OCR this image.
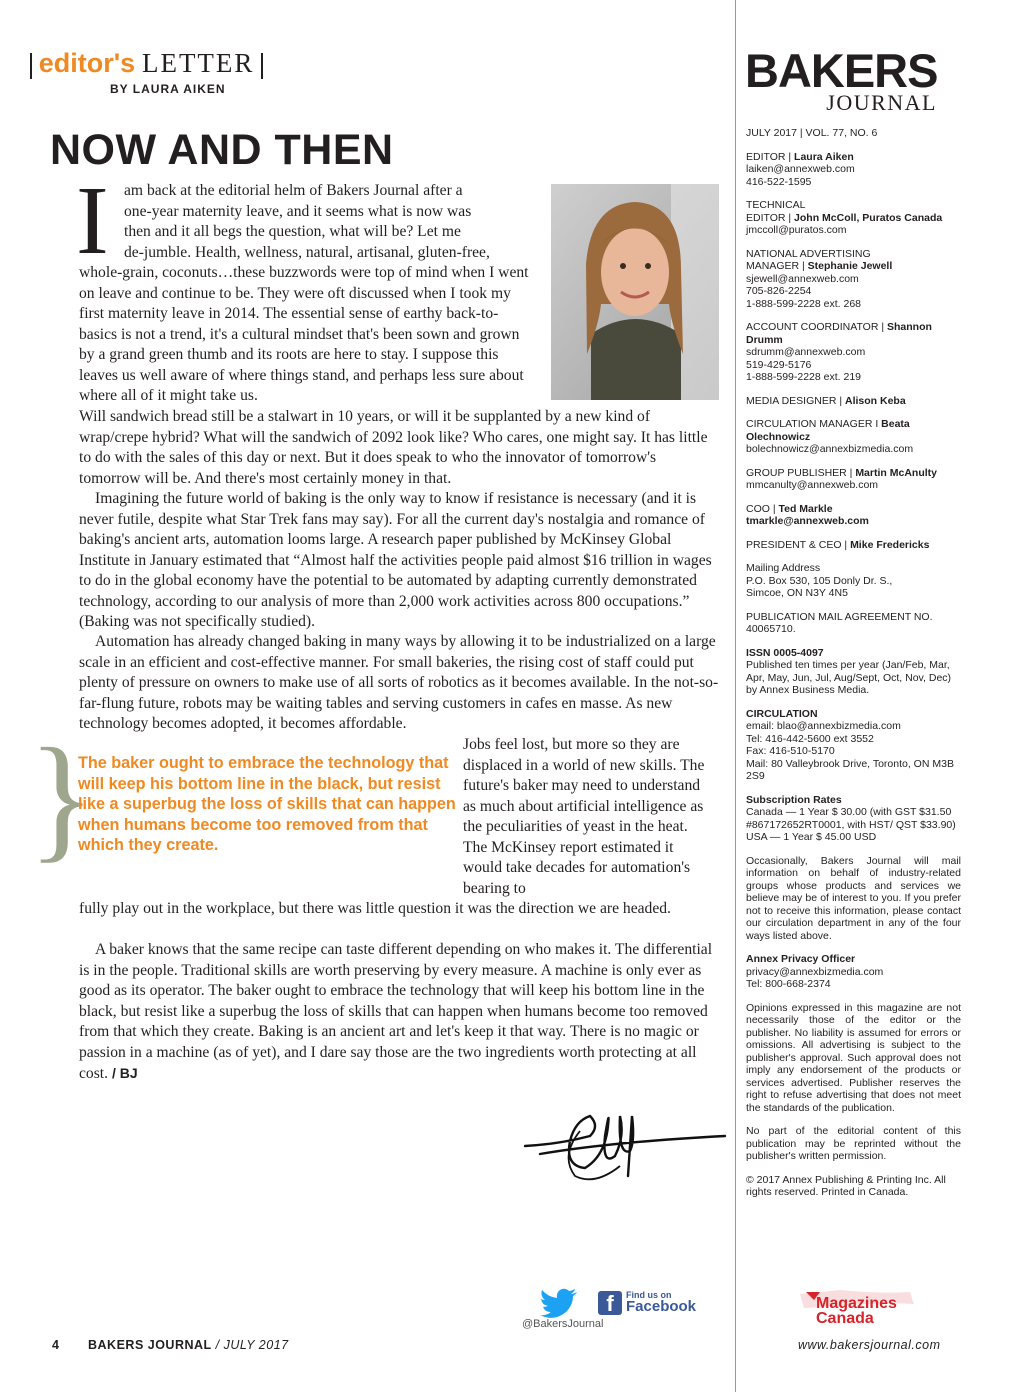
editor's LETTER
BY LAURA AIKEN
NOW AND THEN
I am back at the editorial helm of Bakers Journal after a
one-year maternity leave, and it seems what is now was
then and it all begs the question, what will be? Let me
de-jumble. Health, wellness, natural, artisanal, gluten-free,
whole-grain, coconuts…these buzzwords were top of mind when I went on leave and continue to be. They were oft discussed when I took my first maternity leave in 2014. The essential sense of earthy back-to-basics is not a trend, it's a cultural mindset that's been sown and grown by a grand green thumb and its roots are here to stay. I suppose this leaves us well aware of where things stand, and perhaps less sure about where all of it might take us.
Will sandwich bread still be a stalwart in 10 years, or will it be supplanted by a new kind of wrap/crepe hybrid? What will the sandwich of 2092 look like? Who cares, one might say. It has little to do with the sales of this day or next. But it does speak to who the innovator of tomorrow's tomorrow will be. And there's most certainly money in that.
Imagining the future world of baking is the only way to know if resistance is necessary (and it is never futile, despite what Star Trek fans may say). For all the current day's nostalgia and romance of baking's ancient arts, automation looms large. A research paper published by McKinsey Global Institute in January estimated that “Almost half the activities people paid almost $16 trillion in wages to do in the global economy have the potential to be automated by adapting currently demonstrated technology, according to our analysis of more than 2,000 work activities across 800 occupations.” (Baking was not specifically studied).
Automation has already changed baking in many ways by allowing it to be industrialized on a large scale in an efficient and cost-effective manner. For small bakeries, the rising cost of staff could put plenty of pressure on owners to make use of all sorts of robotics as it becomes available. In the not-so-far-flung future, robots may be waiting tables and serving customers in cafes en masse. As new technology becomes adopted, it becomes affordable.
}
The baker ought to embrace the technology that will keep his bottom line in the black, but resist like a superbug the loss of skills that can happen when humans become too removed from that which they create.
Jobs feel lost, but more so they are displaced in a world of new skills. The future's baker may need to understand as much about artificial intelligence as the peculiarities of yeast in the heat. The McKinsey report estimated it would take decades for automation's bearing to
fully play out in the workplace, but there was little question it was the direction we are headed.
A baker knows that the same recipe can taste different depending on who makes it. The differential is in the people. Traditional skills are worth preserving by every measure. A machine is only ever as good as its operator. The baker ought to embrace the technology that will keep his bottom line in the black, but resist like a superbug the loss of skills that can happen when humans become too removed from that which they create. Baking is an ancient art and let's keep it that way. There is no magic or passion in a machine (as of yet), and I dare say those are the two ingredients worth protecting at all cost. / BJ
@BakersJournal
f	Find us on
Facebook
4 BAKERS JOURNAL / JULY 2017	www.bakersjournal.com
BAKERS
JOURNAL
JULY 2017 | VOL. 77, NO. 6
EDITOR | Laura Aiken
laiken@annexweb.com
416-522-1595
TECHNICAL
EDITOR | John McColl, Puratos Canada
jmccoll@puratos.com
NATIONAL ADVERTISING
MANAGER | Stephanie Jewell
sjewell@annexweb.com
705-826-2254
1-888-599-2228 ext. 268
ACCOUNT COORDINATOR | Shannon Drumm
sdrumm@annexweb.com
519-429-5176
1-888-599-2228 ext. 219
MEDIA DESIGNER | Alison Keba
CIRCULATION MANAGER I Beata Olechnowicz
bolechnowicz@annexbizmedia.com
GROUP PUBLISHER | Martin McAnulty
mmcanulty@annexweb.com
COO | Ted Markle
tmarkle@annexweb.com
PRESIDENT & CEO | Mike Fredericks
Mailing Address
P.O. Box 530, 105 Donly Dr. S.,
Simcoe, ON N3Y 4N5
PUBLICATION MAIL AGREEMENT NO. 40065710.
ISSN 0005-4097
Published ten times per year (Jan/Feb, Mar, Apr, May, Jun, Jul, Aug/Sept, Oct, Nov, Dec) by Annex Business Media.
CIRCULATION
email: blao@annexbizmedia.com
Tel: 416-442-5600 ext 3552
Fax: 416-510-5170
Mail: 80 Valleybrook Drive, Toronto, ON M3B 2S9
Subscription Rates
Canada — 1 Year $ 30.00 (with GST $31.50 #867172652RT0001, with HST/ QST $33.90)
USA — 1 Year $ 45.00 USD
Occasionally, Bakers Journal will mail information on behalf of industry-related groups whose products and services we believe may be of interest to you. If you prefer not to receive this information, please contact our circulation department in any of the four ways listed above.
Annex Privacy Officer
privacy@annexbizmedia.com
Tel: 800-668-2374
Opinions expressed in this magazine are not necessarily those of the editor or the publisher. No liability is assumed for errors or omissions. All advertising is subject to the publisher's approval. Such approval does not imply any endorsement of the products or services advertised. Publisher reserves the right to refuse advertising that does not meet the standards of the publication.
No part of the editorial content of this publication may be reprinted without the publisher's written permission.
© 2017 Annex Publishing & Printing Inc. All rights reserved. Printed in Canada.
Magazines
Canada
